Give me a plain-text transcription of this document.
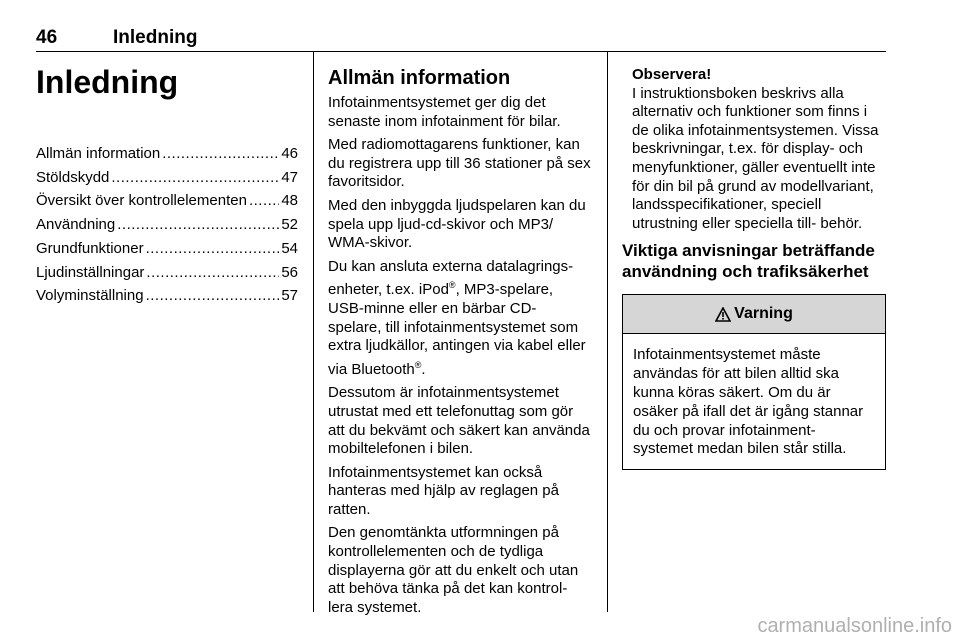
46	Inledning
Inledning
Allmän information .....	46
Stöldskydd .....	47
Översikt över kontrollelementen ..... 48
Användning .....	52
Grundfunktioner .....	54
Ljudinställningar .....	56
Volyminställning .....	57
Allmän information

Infotainmentsystemet ger dig det senaste inom infotainment för bilar.

Med radiomottagarens funktioner, kan du registrera upp till 36 stationer på sex favoritsidor.

Med den inbyggda ljudspelaren kan du spela upp ljud-cd-skivor och MP3/ WMA-skivor.

Du kan ansluta externa datalagrings- enheter, t.ex. iPod®, MP3-spelare, USB-minne eller en bärbar CD- spelare, till infotainmentsystemet som extra ljudkällor, antingen via kabel eller via Bluetooth®.

Dessutom är infotainmentsystemet utrustat med ett telefonuttag som gör att du bekvämt och säkert kan använda mobiltelefonen i bilen.

Infotainmentsystemet kan också hanteras med hjälp av reglagen på ratten.

Den genomtänkta utformningen på kontrollelementen och de tydliga displayerna gör att du enkelt och utan att behöva tänka på det kan kontrol- lera systemet.

Observera!
I instruktionsboken beskrivs alla alternativ och funktioner som finns i de olika infotainmentsystemen. Vissa beskrivningar, t.ex. för display- och menyfunktioner, gäller eventuellt inte för din bil på grund av modellvariant, landsspecifikationer, speciell utrustning eller speciella till- behör.
Viktiga anvisningar beträffande användning och trafiksäkerhet
Varning
Infotainmentsystemet måste användas för att bilen alltid ska kunna köras säkert. Om du är osäker på ifall det är igång stannar du och provar infotainment- systemet medan bilen står stilla.
carmanualsonline.info
